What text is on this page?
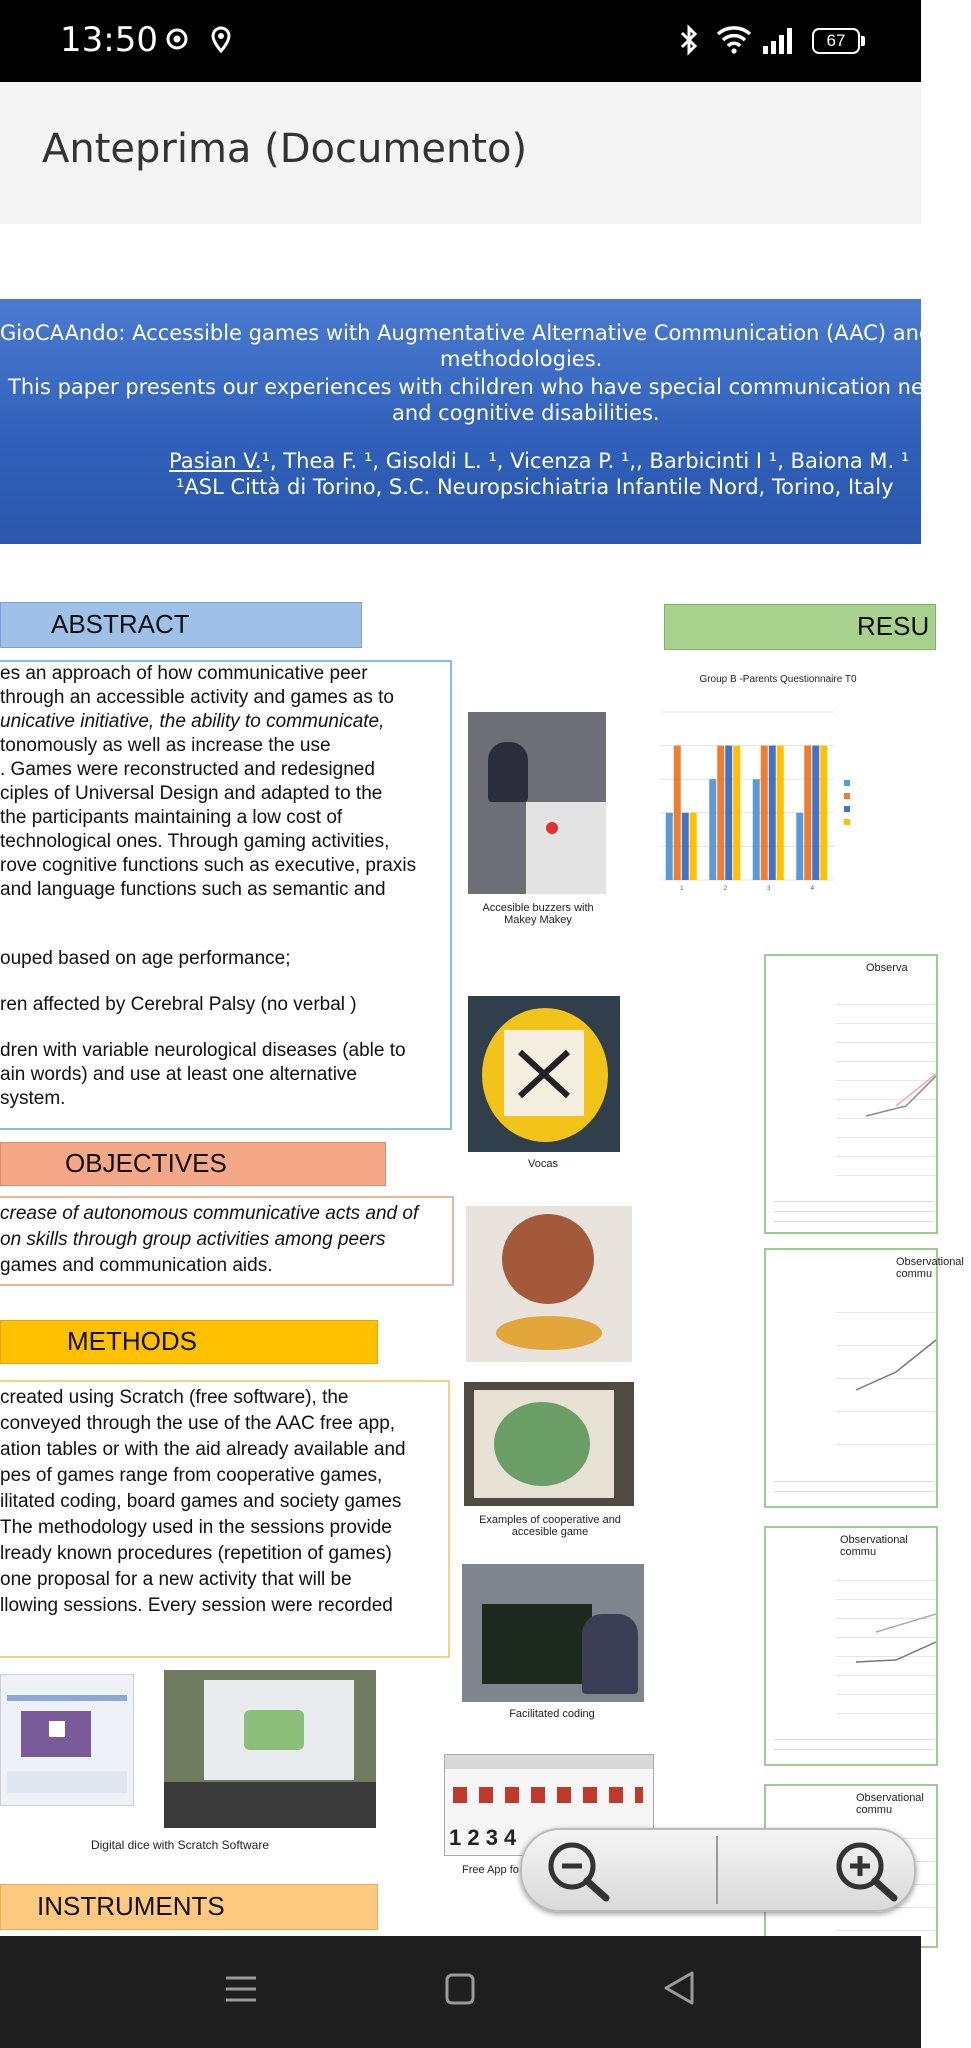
13:50	67
Anteprima (Documento)
GioCAAndo: Accessible games with Augmentative Alternative Communication (AAC) and dig
methodologies.
This paper presents our experiences with children who have special communication needs
and cognitive disabilities.
Pasian V.¹, Thea F. ¹, Gisoldi L. ¹, Vicenza P. ¹,, Barbicinti I ¹, Baiona M. ¹
¹ASL Città di Torino, S.C. Neuropsichiatria Infantile Nord, Torino, Italy
ABSTRACT
es an approach of how communicative peer
through an accessible activity and games as to
unicative initiative, the ability to communicate,
tonomously as well as increase the use
. Games were reconstructed and redesigned
ciples of Universal Design and adapted to the
the participants maintaining a low cost of
technological ones. Through gaming activities,
rove cognitive functions such as executive, praxis
and language functions such as semantic and
ouped based on age performance;
ren affected by Cerebral Palsy (no verbal )
dren with variable neurological diseases (able to
ain words) and use at least one alternative
system.
OBJECTIVES
crease of autonomous communicative acts and of
on skills through group activities among peers
games and communication aids.
METHODS
created using Scratch (free software), the
conveyed through the use of the AAC free app,
ation tables or with the aid already available and
pes of games range from cooperative games,
ilitated coding, board games and society games
The methodology used in the sessions provide
lready known procedures (repetition of games)
one proposal for a new activity that will be
llowing sessions. Every session were recorded
Digital dice with Scratch Software
INSTRUMENTS
Accesible buzzers with Makey Makey
Vocas
Examples of cooperative and accesible game
Facilitated coding
1 2 3 4
Free App fo
RESU
Group B -Parents Questionnaire T0
1	2	3	4
Observa
Observational commu
Observational commu
Observational commu
